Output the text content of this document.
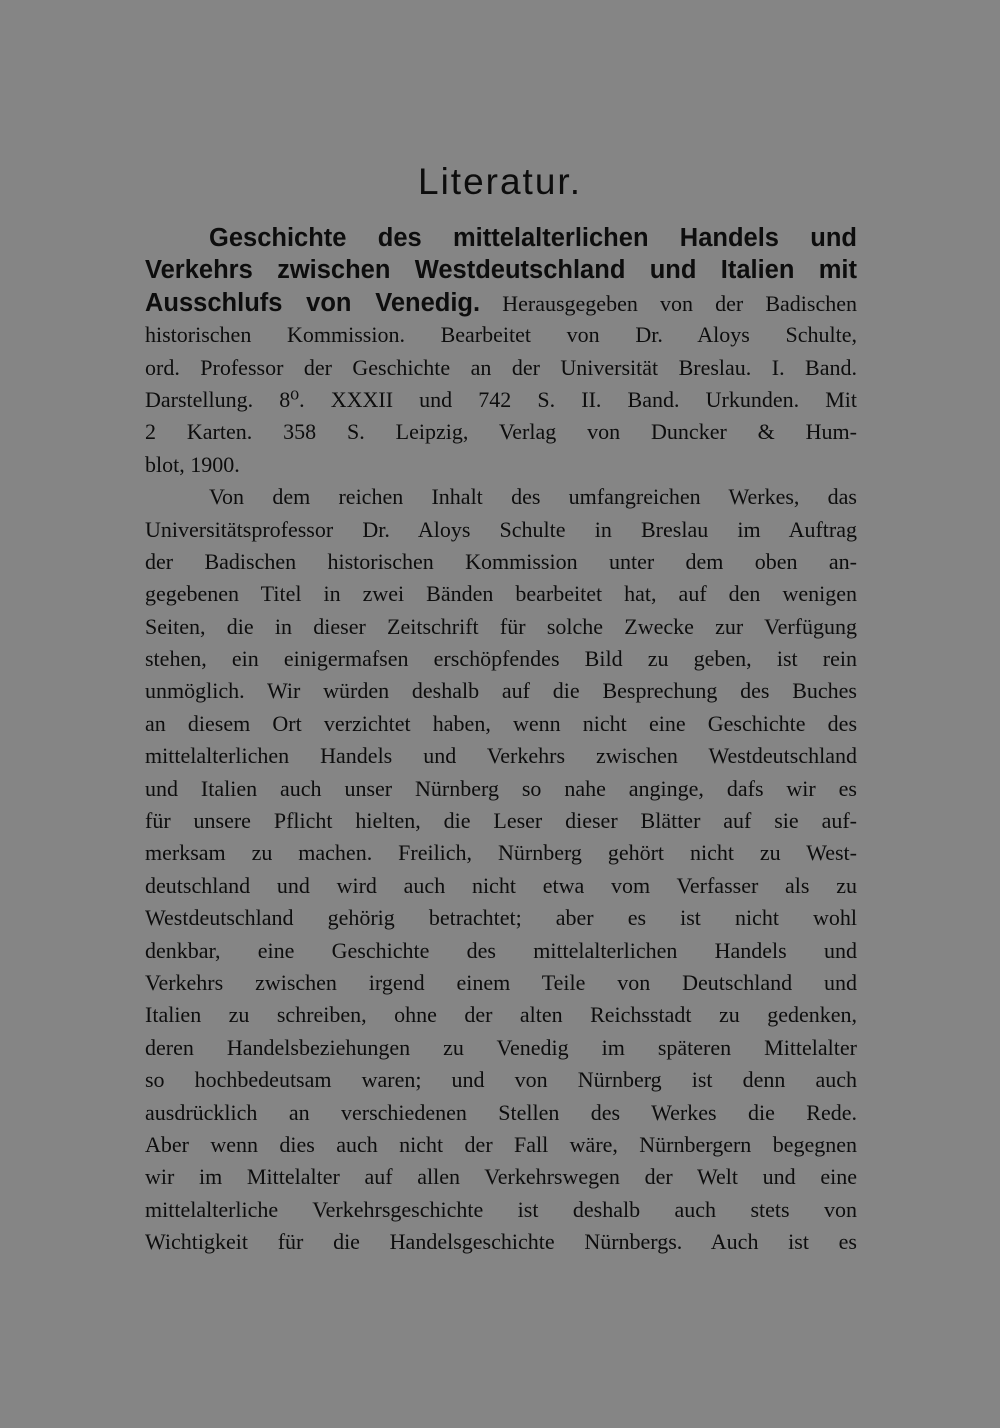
Literatur.
Geschichte des mittelalterlichen Handels und
Verkehrs zwischen Westdeutschland und Italien mit
Ausschlufs von Venedig. Herausgegeben von der Badischen
historischen Kommission. Bearbeitet von Dr. Aloys Schulte,
ord. Professor der Geschichte an der Universität Breslau. I. Band.
Darstellung. 8⁰. XXXII und 742 S. II. Band. Urkunden. Mit
2 Karten. 358 S. Leipzig, Verlag von Duncker & Hum-
blot, 1900.
Von dem reichen Inhalt des umfangreichen Werkes, das
Universitätsprofessor Dr. Aloys Schulte in Breslau im Auftrag
der Badischen historischen Kommission unter dem oben an-
gegebenen Titel in zwei Bänden bearbeitet hat, auf den wenigen
Seiten, die in dieser Zeitschrift für solche Zwecke zur Verfügung
stehen, ein einigermafsen erschöpfendes Bild zu geben, ist rein
unmöglich. Wir würden deshalb auf die Besprechung des Buches
an diesem Ort verzichtet haben, wenn nicht eine Geschichte des
mittelalterlichen Handels und Verkehrs zwischen Westdeutschland
und Italien auch unser Nürnberg so nahe anginge, dafs wir es
für unsere Pflicht hielten, die Leser dieser Blätter auf sie auf-
merksam zu machen. Freilich, Nürnberg gehört nicht zu West-
deutschland und wird auch nicht etwa vom Verfasser als zu
Westdeutschland gehörig betrachtet; aber es ist nicht wohl
denkbar, eine Geschichte des mittelalterlichen Handels und
Verkehrs zwischen irgend einem Teile von Deutschland und
Italien zu schreiben, ohne der alten Reichsstadt zu gedenken,
deren Handelsbeziehungen zu Venedig im späteren Mittelalter
so hochbedeutsam waren; und von Nürnberg ist denn auch
ausdrücklich an verschiedenen Stellen des Werkes die Rede.
Aber wenn dies auch nicht der Fall wäre, Nürnbergern begegnen
wir im Mittelalter auf allen Verkehrswegen der Welt und eine
mittelalterliche Verkehrsgeschichte ist deshalb auch stets von
Wichtigkeit für die Handelsgeschichte Nürnbergs. Auch ist es
